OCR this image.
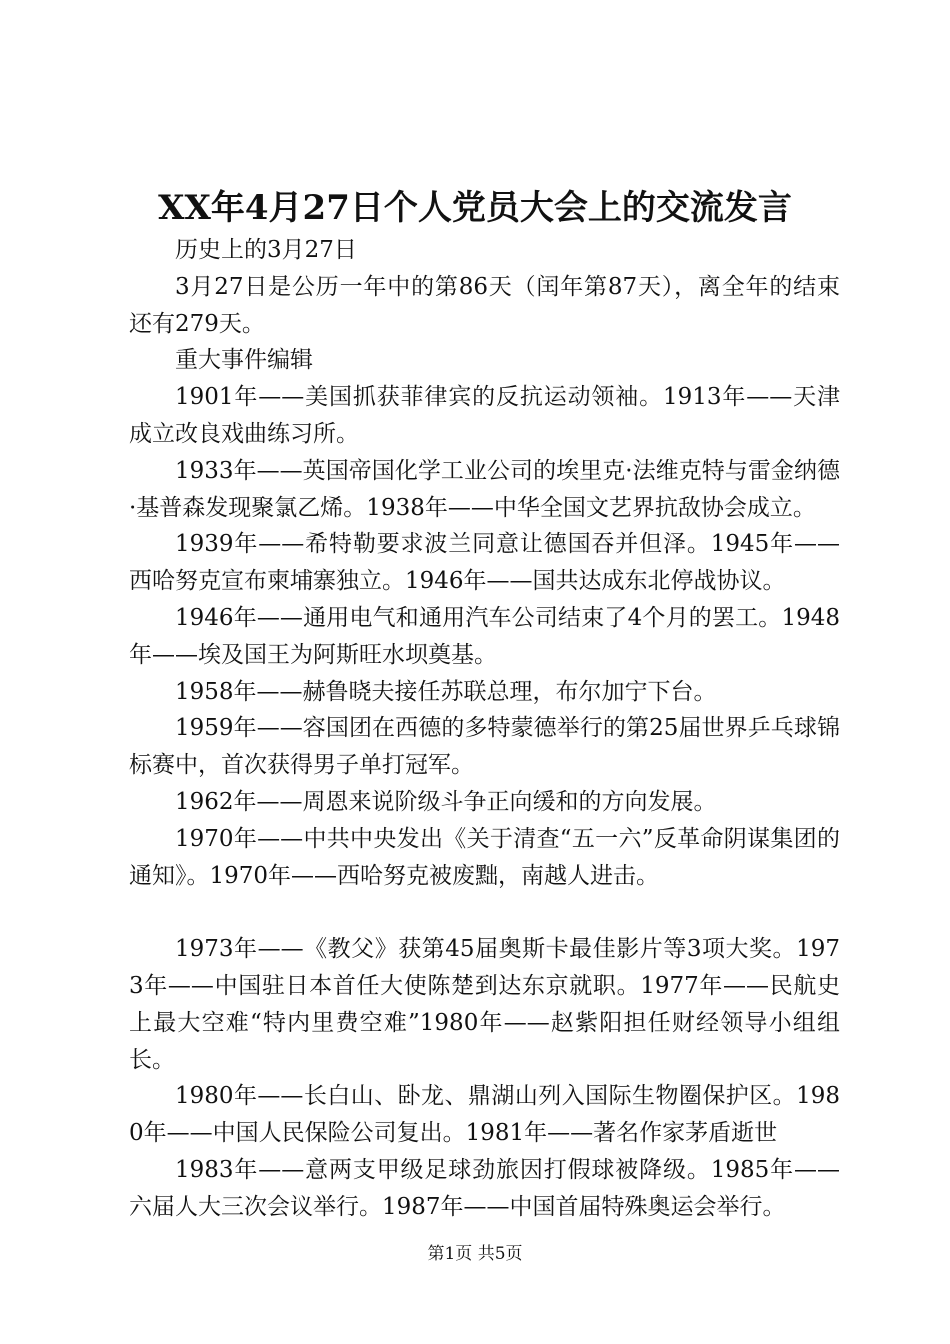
XX年4月27日个人党员大会上的交流发言

历史上的3月27日

3月27日是公历一年中的第86天（闰年第87天），离全年的结束还有279天。

重大事件编辑

1901年——美国抓获菲律宾的反抗运动领袖。1913年——天津成立改良戏曲练习所。

1933年——英国帝国化学工业公司的埃里克·法维克特与雷金纳德·基普森发现聚氯乙烯。1938年——中华全国文艺界抗敌协会成立。

1939年——希特勒要求波兰同意让德国吞并但泽。1945年——西哈努克宣布柬埔寨独立。1946年——国共达成东北停战协议。

1946年——通用电气和通用汽车公司结束了4个月的罢工。1948年——埃及国王为阿斯旺水坝奠基。

1958年——赫鲁晓夫接任苏联总理，布尔加宁下台。

1959年——容国团在西德的多特蒙德举行的第25届世界乒乓球锦标赛中，首次获得男子单打冠军。

1962年——周恩来说阶级斗争正向缓和的方向发展。

1970年——中共中央发出《关于清查“五一六”反革命阴谋集团的通知》。1970年——西哈努克被废黜，南越人进击。

1973年——《教父》获第45届奥斯卡最佳影片等3项大奖。1973年——中国驻日本首任大使陈楚到达东京就职。1977年——民航史上最大空难“特内里费空难”1980年——赵紫阳担任财经领导小组组长。

1980年——长白山、卧龙、鼎湖山列入国际生物圈保护区。1980年——中国人民保险公司复出。1981年——著名作家茅盾逝世

1983年——意两支甲级足球劲旅因打假球被降级。1985年——六届人大三次会议举行。1987年——中国首届特殊奥运会举行。

第1页 共5页
